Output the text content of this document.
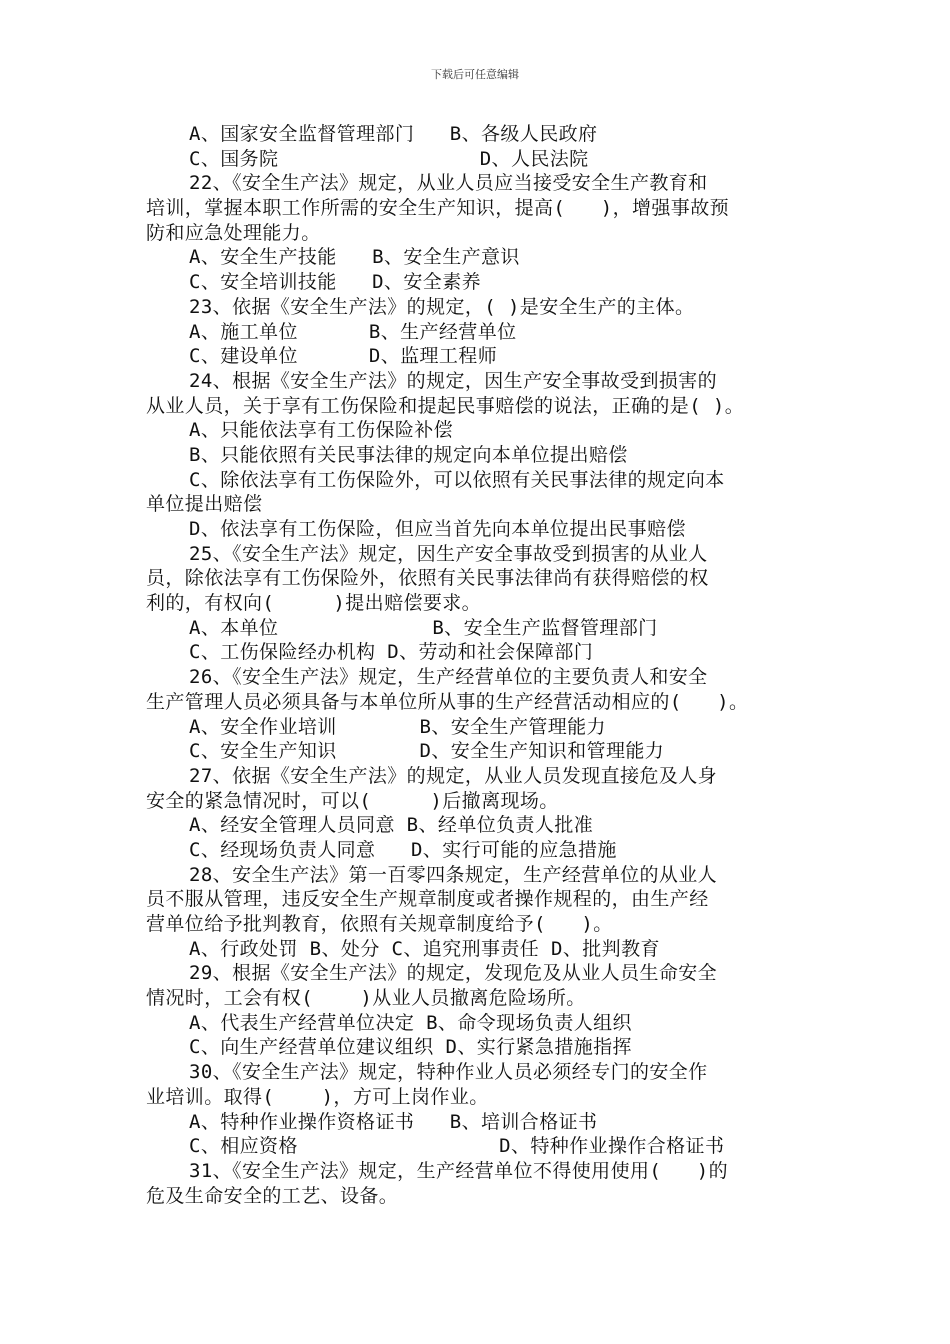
下载后可任意编辑
A、国家安全监督管理部门   B、各级人民政府
C、国务院                 D、人民法院
22、《安全生产法》规定，从业人员应当接受安全生产教育和
培训，掌握本职工作所需的安全生产知识，提高(   )，增强事故预
防和应急处理能力。
A、安全生产技能   B、安全生产意识
C、安全培训技能   D、安全素养
23、依据《安全生产法》的规定，( )是安全生产的主体。
A、施工单位      B、生产经营单位
C、建设单位      D、监理工程师
24、根据《安全生产法》的规定，因生产安全事故受到损害的
从业人员，关于享有工伤保险和提起民事赔偿的说法，正确的是( )。
A、只能依法享有工伤保险补偿
B、只能依照有关民事法律的规定向本单位提出赔偿
C、除依法享有工伤保险外，可以依照有关民事法律的规定向本
单位提出赔偿
D、依法享有工伤保险，但应当首先向本单位提出民事赔偿
25、《安全生产法》规定，因生产安全事故受到损害的从业人
员，除依法享有工伤保险外，依照有关民事法律尚有获得赔偿的权
利的，有权向(     )提出赔偿要求。
A、本单位             B、安全生产监督管理部门
C、工伤保险经办机构 D、劳动和社会保障部门
26、《安全生产法》规定，生产经营单位的主要负责人和安全
生产管理人员必须具备与本单位所从事的生产经营活动相应的(   )。
A、安全作业培训       B、安全生产管理能力
C、安全生产知识       D、安全生产知识和管理能力
27、依据《安全生产法》的规定，从业人员发现直接危及人身
安全的紧急情况时，可以(     )后撤离现场。
A、经安全管理人员同意 B、经单位负责人批准
C、经现场负责人同意   D、实行可能的应急措施
28、安全生产法》第一百零四条规定，生产经营单位的从业人
员不服从管理，违反安全生产规章制度或者操作规程的，由生产经
营单位给予批判教育，依照有关规章制度给予(   )。
A、行政处罚 B、处分 C、追究刑事责任 D、批判教育
29、根据《安全生产法》的规定，发现危及从业人员生命安全
情况时，工会有权(    )从业人员撤离危险场所。
A、代表生产经营单位决定 B、命令现场负责人组织
C、向生产经营单位建议组织 D、实行紧急措施指挥
30、《安全生产法》规定，特种作业人员必须经专门的安全作
业培训。取得(    )，方可上岗作业。
A、特种作业操作资格证书   B、培训合格证书
C、相应资格                 D、特种作业操作合格证书
31、《安全生产法》规定，生产经营单位不得使用使用(   )的
危及生命安全的工艺、设备。
